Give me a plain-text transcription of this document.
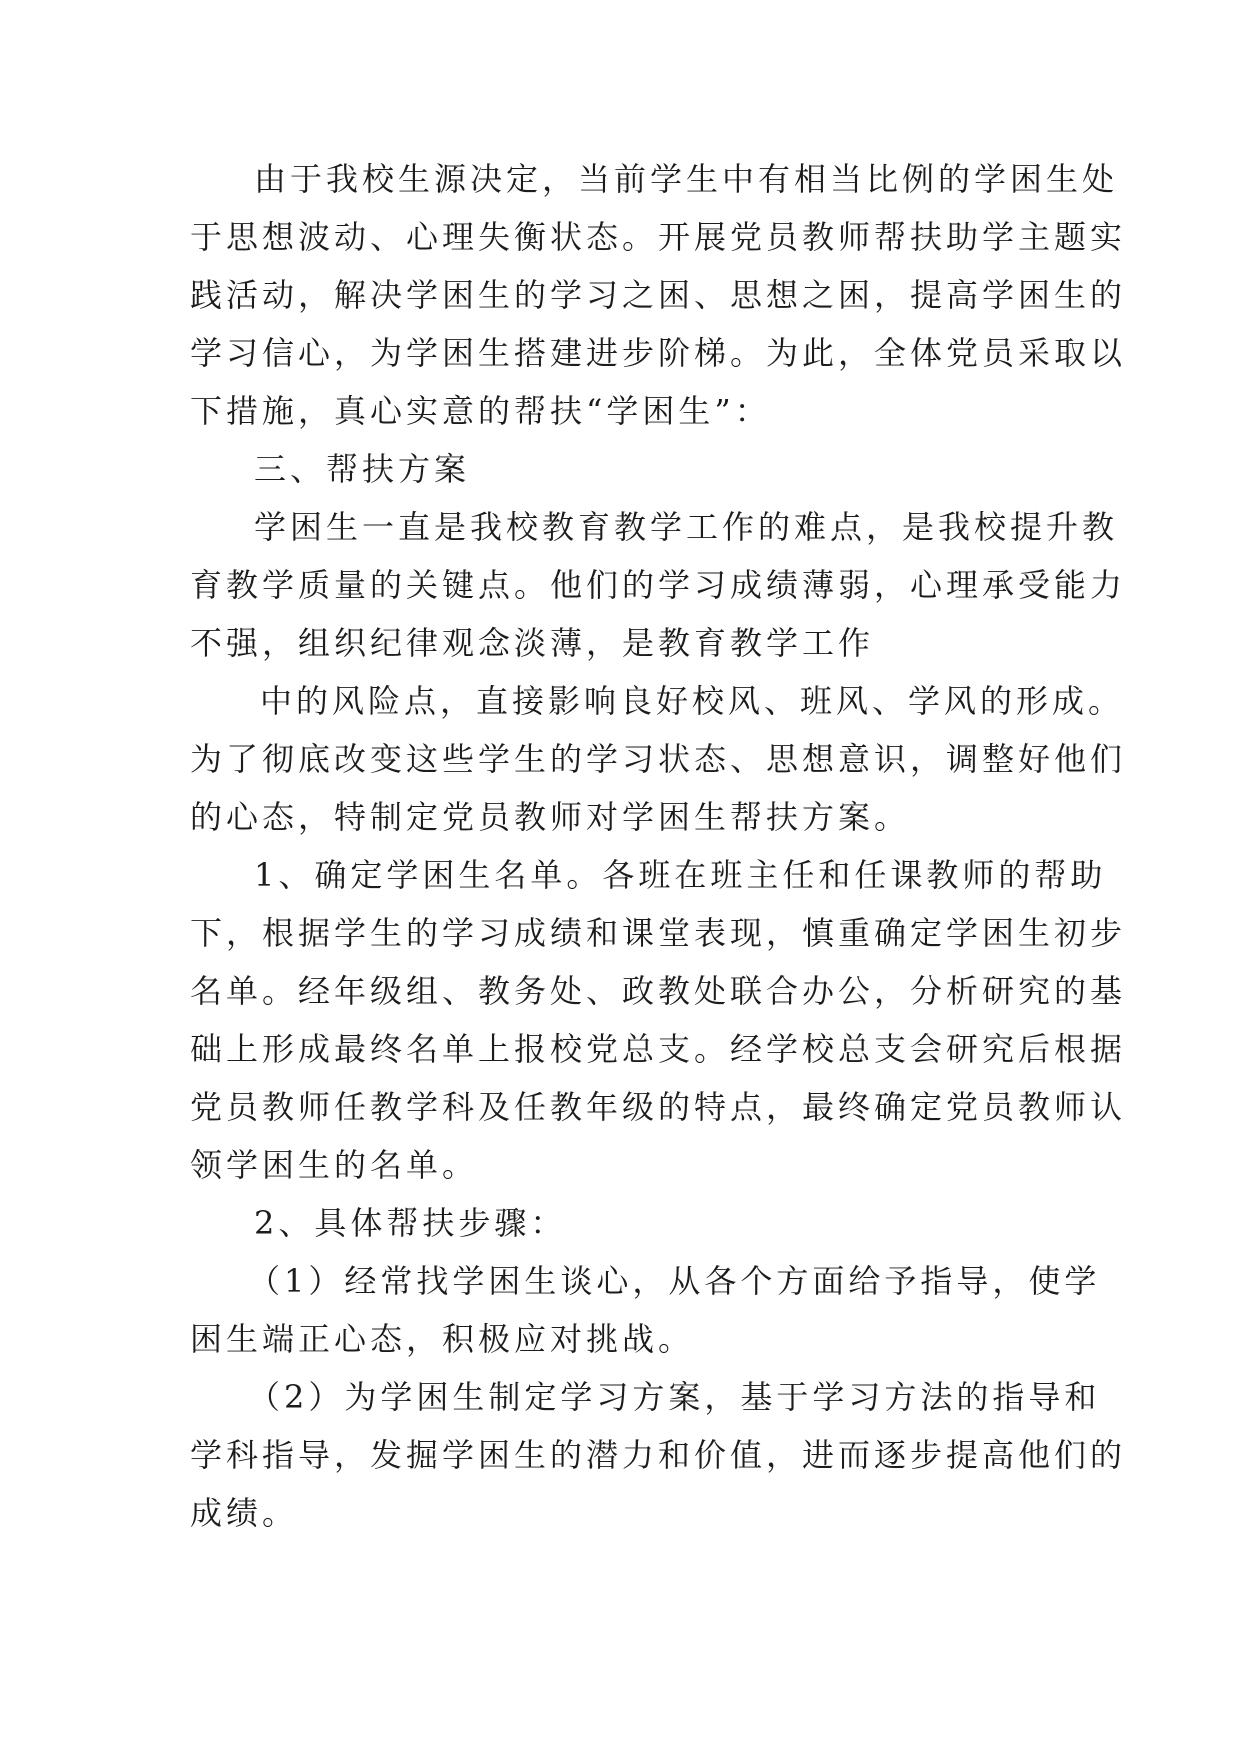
由于我校生源决定，当前学生中有相当比例的学困生处
于思想波动、心理失衡状态。开展党员教师帮扶助学主题实
践活动，解决学困生的学习之困、思想之困，提高学困生的
学习信心，为学困生搭建进步阶梯。为此，全体党员采取以
下措施，真心实意的帮扶“学困生”：
三、帮扶方案
学困生一直是我校教育教学工作的难点，是我校提升教
育教学质量的关键点。他们的学习成绩薄弱，心理承受能力
不强，组织纪律观念淡薄，是教育教学工作
中的风险点，直接影响良好校风、班风、学风的形成。
为了彻底改变这些学生的学习状态、思想意识，调整好他们
的心态，特制定党员教师对学困生帮扶方案。
1、确定学困生名单。各班在班主任和任课教师的帮助
下，根据学生的学习成绩和课堂表现，慎重确定学困生初步
名单。经年级组、教务处、政教处联合办公，分析研究的基
础上形成最终名单上报校党总支。经学校总支会研究后根据
党员教师任教学科及任教年级的特点，最终确定党员教师认
领学困生的名单。
2、具体帮扶步骤：
（1）经常找学困生谈心，从各个方面给予指导，使学
困生端正心态，积极应对挑战。
（2）为学困生制定学习方案，基于学习方法的指导和
学科指导，发掘学困生的潜力和价值，进而逐步提高他们的
成绩。
